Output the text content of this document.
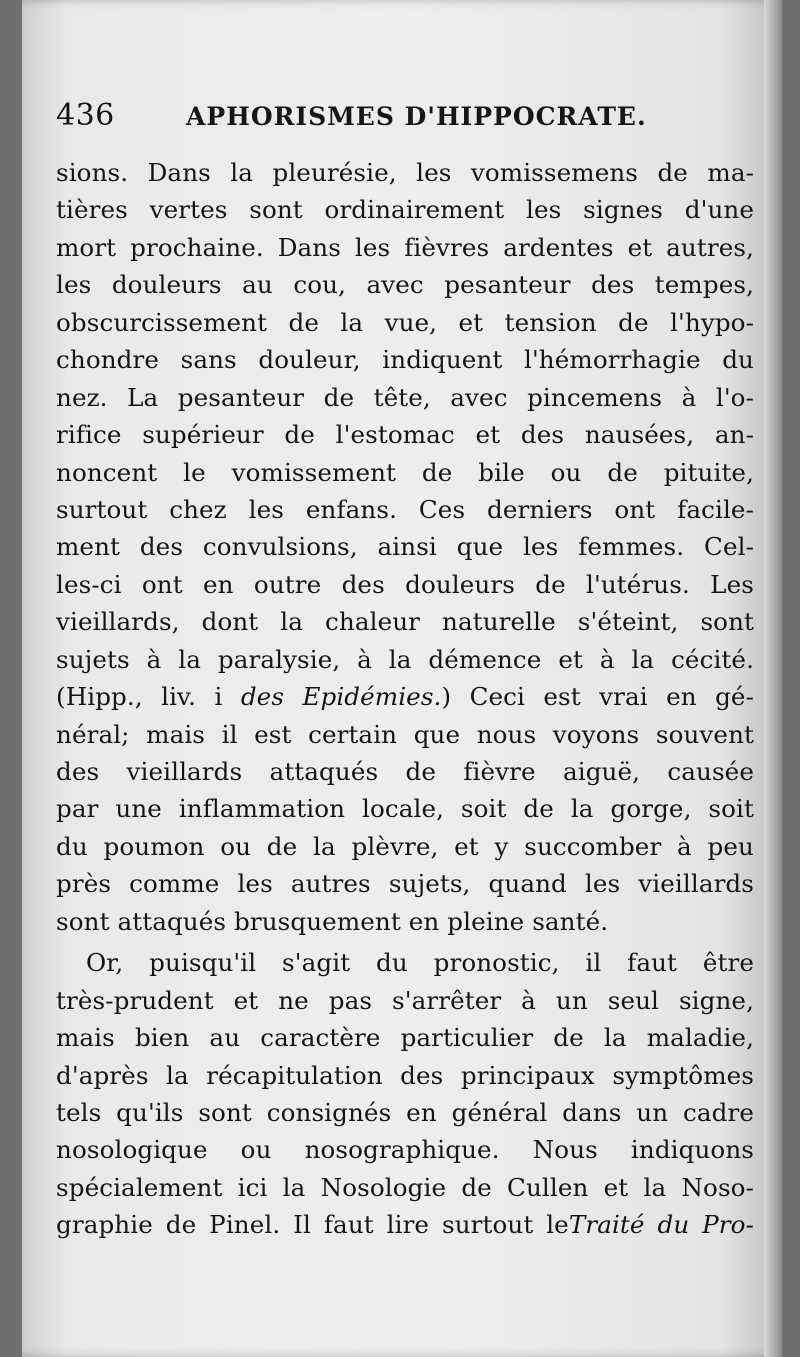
436	APHORISMES D'HIPPOCRATE.
sions. Dans la pleurésie, les vomissemens de ma-
tières vertes sont ordinairement les signes d'une
mort prochaine. Dans les fièvres ardentes et autres,
les douleurs au cou, avec pesanteur des tempes,
obscurcissement de la vue, et tension de l'hypo-
chondre sans douleur, indiquent l'hémorrhagie du
nez. La pesanteur de tête, avec pincemens à l'o-
rifice supérieur de l'estomac et des nausées, an-
noncent le vomissement de bile ou de pituite,
surtout chez les enfans. Ces derniers ont facile-
ment des convulsions, ainsi que les femmes. Cel-
les-ci ont en outre des douleurs de l'utérus. Les
vieillards, dont la chaleur naturelle s'éteint, sont
sujets à la paralysie, à la démence et à la cécité.
(Hipp., liv. i des Epidémies.) Ceci est vrai en gé-
néral; mais il est certain que nous voyons souvent
des vieillards attaqués de fièvre aiguë, causée
par une inflammation locale, soit de la gorge, soit
du poumon ou de la plèvre, et y succomber à peu
près comme les autres sujets, quand les vieillards
sont attaqués brusquement en pleine santé.
Or, puisqu'il s'agit du pronostic, il faut être
très-prudent et ne pas s'arrêter à un seul signe,
mais bien au caractère particulier de la maladie,
d'après la récapitulation des principaux symptômes
tels qu'ils sont consignés en général dans un cadre
nosologique ou nosographique. Nous indiquons
spécialement ici la Nosologie de Cullen et la Noso-
graphie de Pinel. Il faut lire surtout leTraité du Pro-
